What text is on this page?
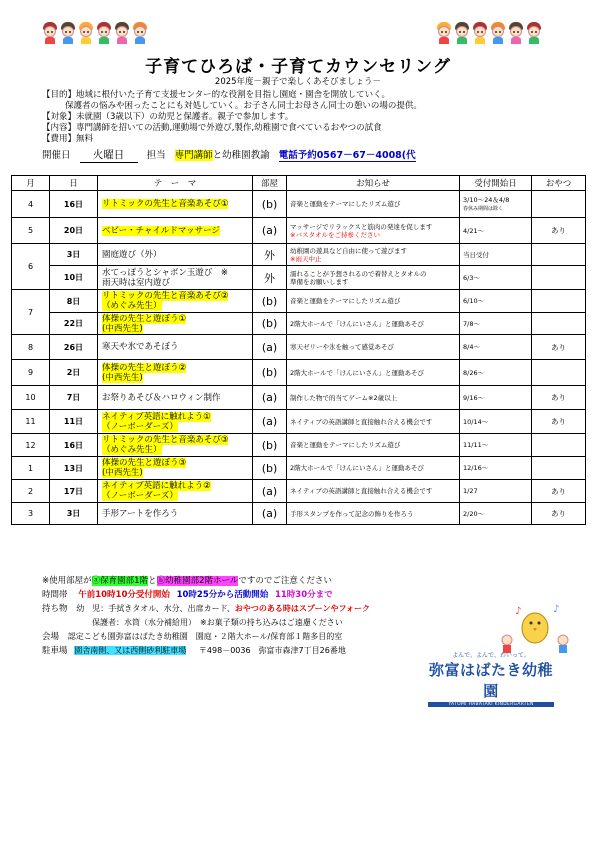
子育てひろば・子育てカウンセリング
2025年度－親子で楽しくあそびましょう－
【目的】地域に根付いた子育て支援センター的な役割を目指し園庭・園舎を開放していく。
保護者の悩みや困ったことにも対処していく。お子さん同士お母さん同士の憩いの場の提供。
【対象】未就園（3歳以下）の幼児と保護者。親子で参加します。
【内容】専門講師を招いての活動,運動場で外遊び,製作,幼稚園で食べているおやつの試食
【費用】無料
開催日 火曜日 担当 専門講師と幼稚園教諭 電話予約0567－67－4008(代
月	日	テ　ー　マ	部屋	お知らせ	受付開始日	おやつ
4	16日	リトミックの先生と音楽あそび①	(b)	音楽と運動をテーマにしたリズム遊び	3/10～24＆4/8
春休み期間は除く	
5	20日	ベビー・チャイルドマッサージ	(a)	マッサージでリラックスと筋肉の発達を促します
※バスタオルをご持参ください	4/21～	あり
6	3日	園庭遊び（外）	外	幼稚園の遊具など自由に使って遊びます
※雨天中止	当日受付	
	10日	水てっぽうとシャボン玉遊び　※
雨天時は室内遊び	外	濡れることが予想されるので着替えとタオルの
準備をお願いします	6/3～	
7	8日	リトミックの先生と音楽あそび②
（めぐみ先生）	(b)	音楽と運動をテーマにしたリズム遊び	6/10～	
	22日	体操の先生と遊ぼう①
(中西先生)	(b)	2階大ホールで「けんにいさん」と運動あそび	7/8～	
8	26日	寒天や氷であそぼう	(a)	寒天ゼリーや氷を触って感覚あそび	8/4～	あり
9	2日	体操の先生と遊ぼう②
(中西先生)	(b)	2階大ホールで「けんにいさん」と運動あそび	8/26～	
10	7日	お祭りあそび＆ハロウィン制作	(a)	制作した物で的当てゲーム※2歳以上	9/16～	あり
11	11日	ネイティブ英語に触れよう①
（ノーボーダーズ）	(a)	ネイティブの英語講師と直接触れ合える機会です	10/14～	あり
12	16日	リトミックの先生と音楽あそび③
（めぐみ先生）	(b)	音楽と運動をテーマにしたリズム遊び	11/11～	
1	13日	体操の先生と遊ぼう③
(中西先生)	(b)	2階大ホールで「けんにいさん」と運動あそび	12/16～	
2	17日	ネイティブ英語に触れよう②
（ノーボーダーズ）	(a)	ネイティブの英語講師と直接触れ合える機会です	1/27	あり
3	3日	手形アートを作ろう	(a)	手形スタンプを作って記念の飾りを作ろう	2/20～	あり
※使用部屋がⓐ保育園部1階とⓑ幼稚園部2階ホールですのでご注意ください
時間帯 午前10時10分受付開始 10時25分から活動開始 11時30分まで
持ち物 幼　児：手拭きタオル、水分、出席カード、おやつのある時はスプーンやフォーク
保護者：水筒（水分補給用）　※お菓子類の持ち込みはご遠慮ください
会場 認定こども園弥富はばたき幼稚園　園庭・２階大ホール/保育部１階多目的室
駐車場 園舎南側、又は西側砂利駐車場 〒498－0036　弥富市森津7丁目26番地
♪	♪
よんで、よんで、わいって。
弥富はばたき幼稚園
YATOMI HABATAKI KINDERGARTEN
